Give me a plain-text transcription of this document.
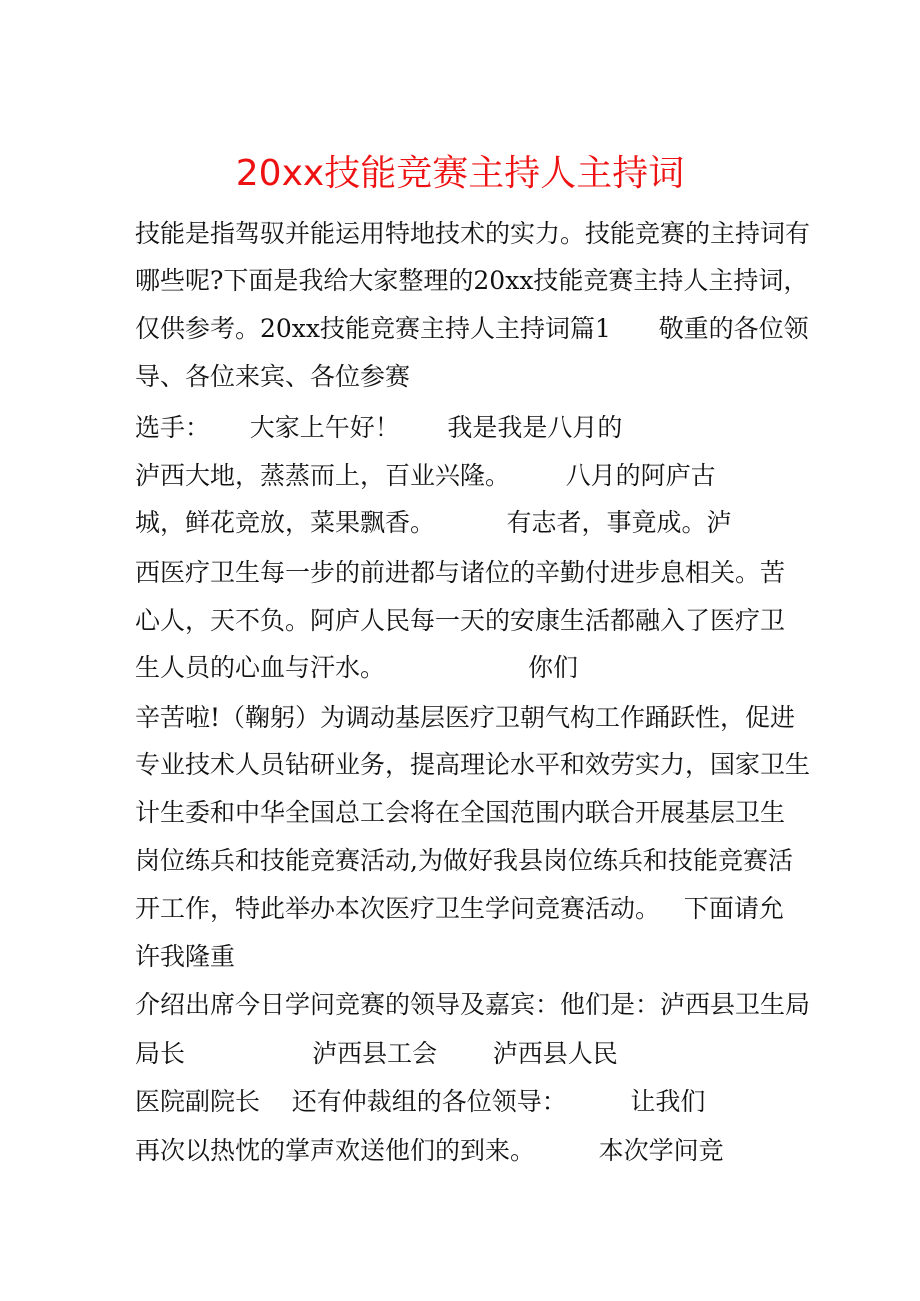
20xx技能竞赛主持人主持词
技能是指驾驭并能运用特地技术的实力。技能竞赛的主持词有
哪些呢?下面是我给大家整理的20xx技能竞赛主持人主持词，
仅供参考。20xx技能竞赛主持人主持词篇1      敬重的各位领
导、各位来宾、各位参赛
选手：     大家上午好！      我是我是八月的
泸西大地，蒸蒸而上，百业兴隆。       八月的阿庐古
城，鲜花竞放，菜果飘香。         有志者，事竟成。泸
西医疗卫生每一步的前进都与诸位的辛勤付进步息相关。苦
心人，天不负。阿庐人民每一天的安康生活都融入了医疗卫
生人员的心血与汗水。                  你们
辛苦啦!（鞠躬）为调动基层医疗卫朝气构工作踊跃性，促进
专业技术人员钻研业务，提高理论水平和效劳实力，国家卫生
计生委和中华全国总工会将在全国范围内联合开展基层卫生
岗位练兵和技能竞赛活动,为做好我县岗位练兵和技能竞赛活
开工作，特此举办本次医疗卫生学问竞赛活动。   下面请允
许我隆重
介绍出席今日学问竞赛的领导及嘉宾：他们是：泸西县卫生局
局长                泸西县工会       泸西县人民
医院副院长    还有仲裁组的各位领导：        让我们
再次以热忱的掌声欢送他们的到来。        本次学问竞
